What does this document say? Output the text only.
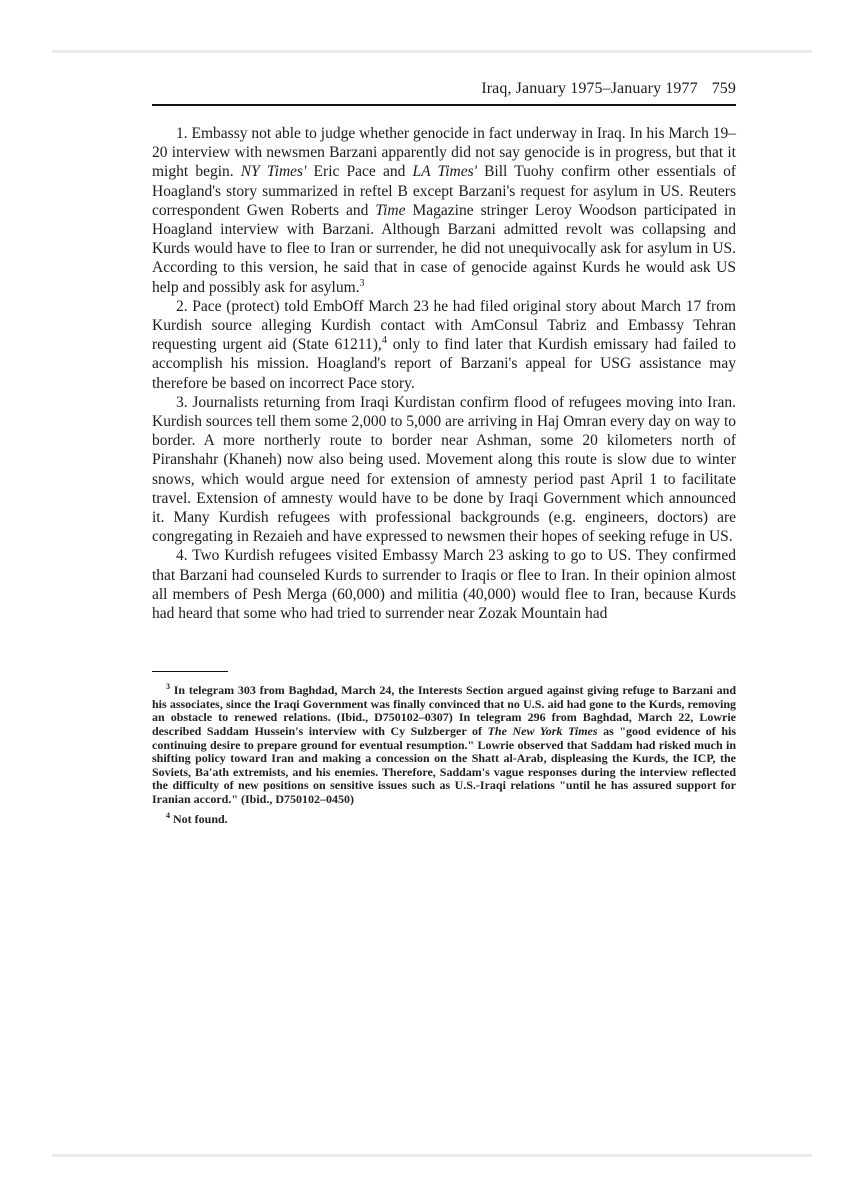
Iraq, January 1975–January 1977 759

1. Embassy not able to judge whether genocide in fact underway in Iraq. In his March 19–20 interview with newsmen Barzani apparently did not say genocide is in progress, but that it might begin. NY Times' Eric Pace and LA Times' Bill Tuohy confirm other essentials of Hoagland's story summarized in reftel B except Barzani's request for asylum in US. Reuters correspondent Gwen Roberts and Time Magazine stringer Leroy Woodson participated in Hoagland interview with Barzani. Although Barzani admitted revolt was collapsing and Kurds would have to flee to Iran or surrender, he did not unequivocally ask for asylum in US. According to this version, he said that in case of genocide against Kurds he would ask US help and possibly ask for asylum.$^3$

2. Pace (protect) told EmbOff March 23 he had filed original story about March 17 from Kurdish source alleging Kurdish contact with AmConsul Tabriz and Embassy Tehran requesting urgent aid (State 61211),$^4$ only to find later that Kurdish emissary had failed to accomplish his mission. Hoagland's report of Barzani's appeal for USG assistance may therefore be based on incorrect Pace story.

3. Journalists returning from Iraqi Kurdistan confirm flood of refugees moving into Iran. Kurdish sources tell them some 2,000 to 5,000 are arriving in Haj Omran every day on way to border. A more northerly route to border near Ashman, some 20 kilometers north of Piranshahr (Khaneh) now also being used. Movement along this route is slow due to winter snows, which would argue need for extension of amnesty period past April 1 to facilitate travel. Extension of amnesty would have to be done by Iraqi Government which announced it. Many Kurdish refugees with professional backgrounds (e.g. engineers, doctors) are congregating in Rezaieh and have expressed to newsmen their hopes of seeking refuge in US.

4. Two Kurdish refugees visited Embassy March 23 asking to go to US. They confirmed that Barzani had counseled Kurds to surrender to Iraqis or flee to Iran. In their opinion almost all members of Pesh Merga (60,000) and militia (40,000) would flee to Iran, because Kurds had heard that some who had tried to surrender near Zozak Mountain had

$^3$ In telegram 303 from Baghdad, March 24, the Interests Section argued against giving refuge to Barzani and his associates, since the Iraqi Government was finally convinced that no U.S. aid had gone to the Kurds, removing an obstacle to renewed relations. (Ibid., D750102–0307) In telegram 296 from Baghdad, March 22, Lowrie described Saddam Hussein's interview with Cy Sulzberger of The New York Times as "good evidence of his continuing desire to prepare ground for eventual resumption." Lowrie observed that Saddam had risked much in shifting policy toward Iran and making a concession on the Shatt al-Arab, displeasing the Kurds, the ICP, the Soviets, Ba'ath extremists, and his enemies. Therefore, Saddam's vague responses during the interview reflected the difficulty of new positions on sensitive issues such as U.S.-Iraqi relations "until he has assured support for Iranian accord." (Ibid., D750102–0450)

$^4$ Not found.
